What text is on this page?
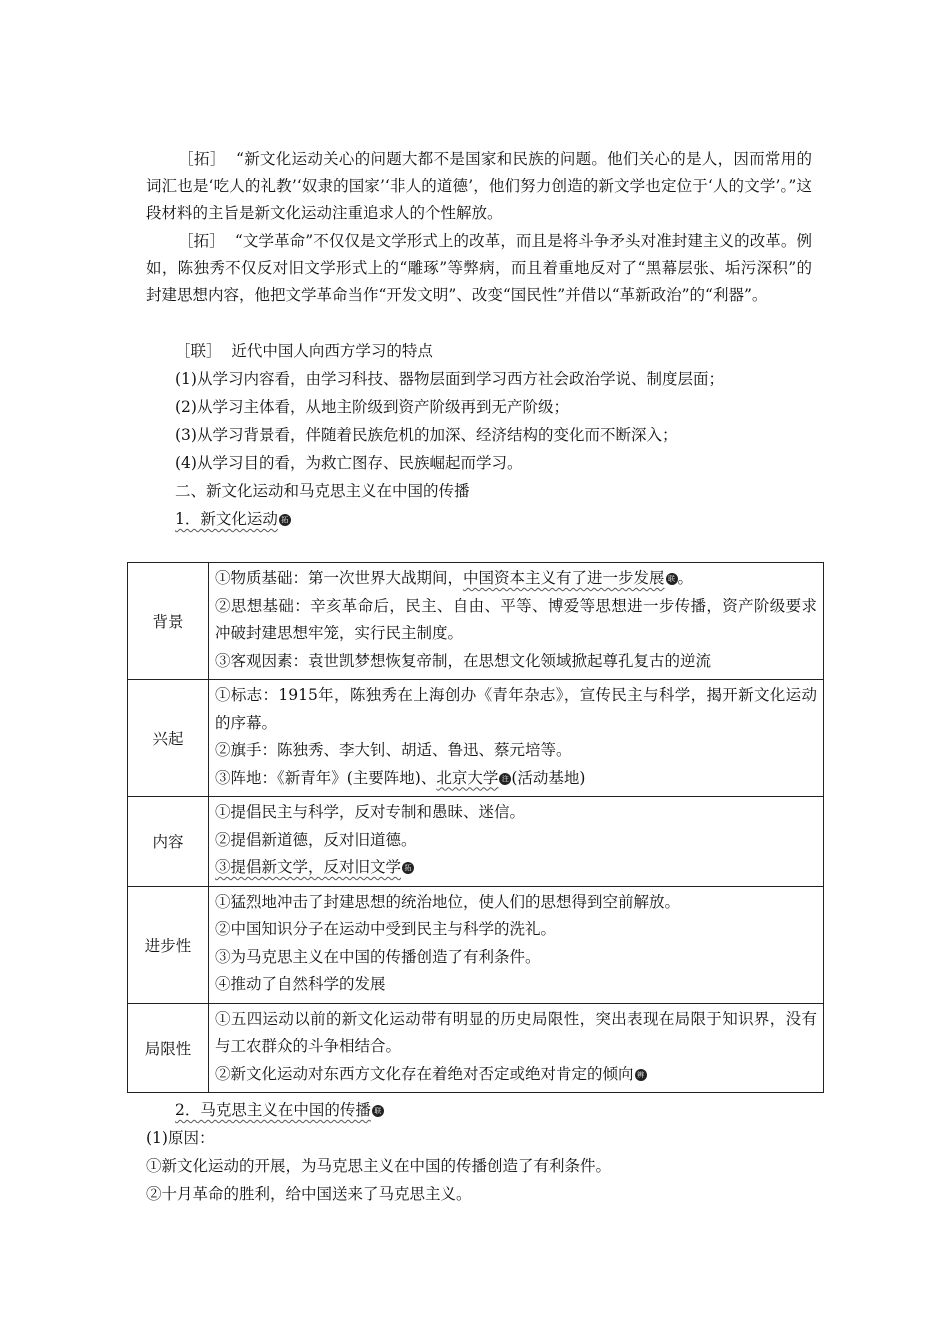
［拓］ “新文化运动关心的问题大都不是国家和民族的问题。他们关心的是人，因而常用的词汇也是‘吃人的礼教’‘奴隶的国家’‘非人的道德’，他们努力创造的新文学也定位于‘人的文学’。”这段材料的主旨是新文化运动注重追求人的个性解放。

［拓］ “文学革命”不仅仅是文学形式上的改革，而且是将斗争矛头对准封建主义的改革。例如，陈独秀不仅反对旧文学形式上的“雕琢”等弊病，而且着重地反对了“黑幕层张、垢污深积”的封建思想内容，他把文学革命当作“开发文明”、改变“国民性”并借以“革新政治”的“利器”。

［联］ 近代中国人向西方学习的特点

(1)从学习内容看，由学习科技、器物层面到学习西方社会政治学说、制度层面；

(2)从学习主体看，从地主阶级到资产阶级再到无产阶级；

(3)从学习背景看，伴随着民族危机的加深、经济结构的变化而不断深入；

(4)从学习目的看，为救亡图存、民族崛起而学习。

二、新文化运动和马克思主义在中国的传播

1．新文化运动 拓

背景	①物质基础：第一次世界大战期间，中国资本主义有了进一步发展 联 。
②思想基础：辛亥革命后，民主、自由、平等、博爱等思想进一步传播，资产阶级要求冲破封建思想牢笼，实行民主制度。
③客观因素：袁世凯梦想恢复帝制，在思想文化领域掀起尊孔复古的逆流

兴起	①标志：1915年，陈独秀在上海创办《青年杂志》，宣传民主与科学，揭开新文化运动的序幕。
②旗手：陈独秀、李大钊、胡适、鲁迅、蔡元培等。
③阵地：《新青年》(主要阵地)、北京大学 注 (活动基地)

内容	①提倡民主与科学，反对专制和愚昧、迷信。
②提倡新道德，反对旧道德。
③提倡新文学，反对旧文学 拓

进步性	①猛烈地冲击了封建思想的统治地位，使人们的思想得到空前解放。
②中国知识分子在运动中受到民主与科学的洗礼。
③为马克思主义在中国的传播创造了有利条件。
④推动了自然科学的发展

局限性	①五四运动以前的新文化运动带有明显的历史局限性，突出表现在局限于知识界，没有与工农群众的斗争相结合。
②新文化运动对东西方文化存在着绝对否定或绝对肯定的倾向 辨

2．马克思主义在中国的传播 联

(1)原因：

①新文化运动的开展，为马克思主义在中国的传播创造了有利条件。

②十月革命的胜利，给中国送来了马克思主义。
